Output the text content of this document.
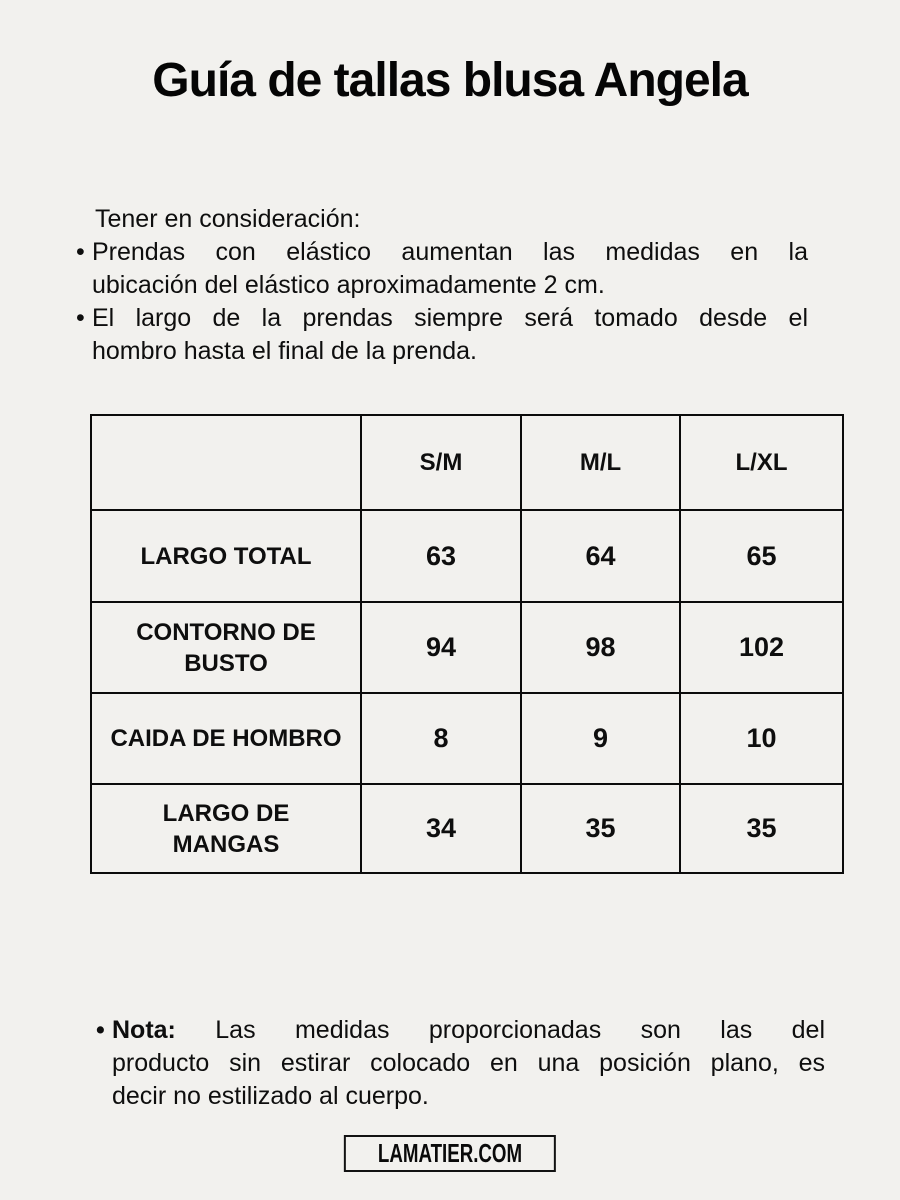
Guía de tallas blusa Angela
Tener en consideración:
• Prendas con elástico aumentan las medidas en la
ubicación del elástico aproximadamente 2 cm.
• El largo de la prendas siempre será tomado desde el
hombro hasta el final de la prenda.
	S/M	M/L	L/XL
LARGO TOTAL	63	64	65
CONTORNO DE BUSTO	94	98	102
CAIDA DE HOMBRO	8	9	10
LARGO DE MANGAS	34	35	35
• Nota: Las medidas proporcionadas son las del
producto sin estirar colocado en una posición plano, es
decir no estilizado al cuerpo.
LAMATIER.COM
